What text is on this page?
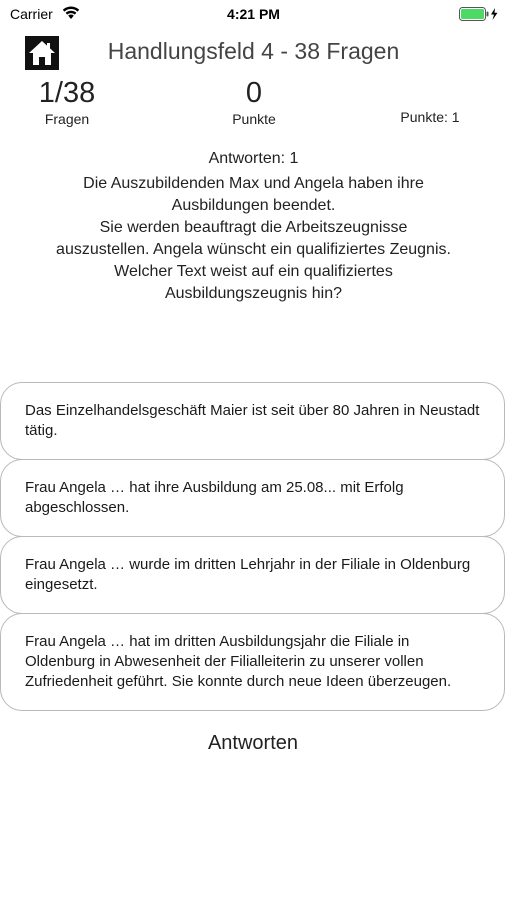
Carrier	4:21 PM
Handlungsfeld 4 - 38 Fragen
1/38
Fragen
0
Punkte	Punkte: 1
Antworten: 1
Die Auszubildenden Max und Angela haben ihre
Ausbildungen beendet.
Sie werden beauftragt die Arbeitszeugnisse
auszustellen. Angela wünscht ein qualifiziertes Zeugnis.
Welcher Text weist auf ein qualifiziertes
Ausbildungszeugnis hin?
Das Einzelhandelsgeschäft Maier ist seit über 80 Jahren in Neustadt tätig.
Frau Angela … hat ihre Ausbildung am 25.08... mit Erfolg abgeschlossen.
Frau Angela … wurde im dritten Lehrjahr in der Filiale in Oldenburg eingesetzt.
Frau Angela … hat im dritten Ausbildungsjahr die Filiale in Oldenburg in Abwesenheit der Filialleiterin zu unserer vollen Zufriedenheit geführt. Sie konnte durch neue Ideen überzeugen.
Antworten
